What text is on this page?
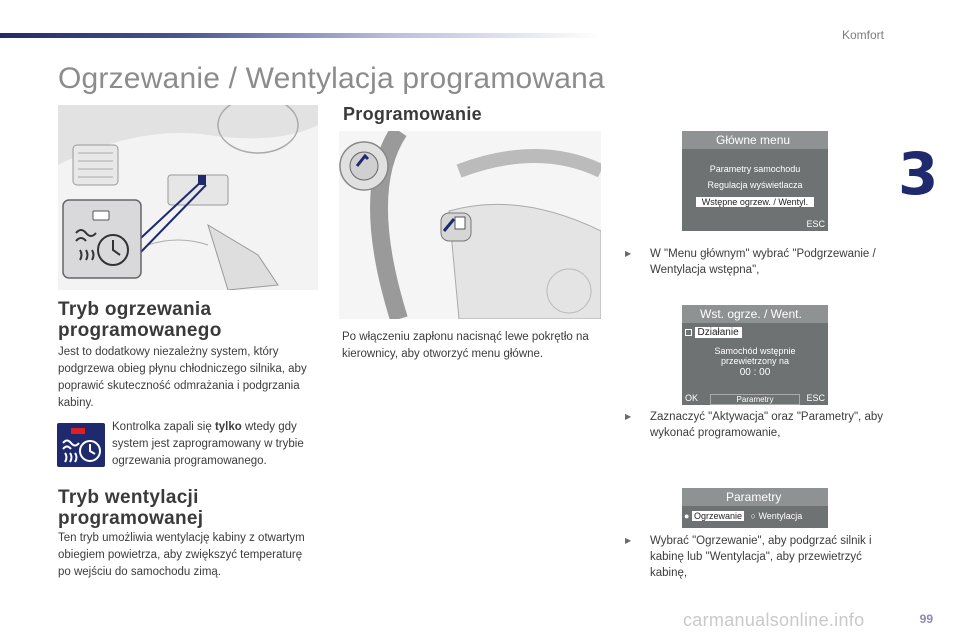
Komfort
3
Ogrzewanie / Wentylacja programowana
Tryb ogrzewania programowanego

Jest to dodatkowy niezależny system, który podgrzewa obieg płynu chłodniczego silnika, aby poprawić skuteczność odmrażania i podgrzania kabiny.

Kontrolka zapali się tylko wtedy gdy system jest zaprogramowany w trybie ogrzewania programowanego.

Tryb wentylacji programowanej

Ten tryb umożliwia wentylację kabiny z otwartym obiegiem powietrza, aby zwiększyć temperaturę po wejściu do samochodu zimą.

Programowanie

Po włączeniu zapłonu nacisnąć lewe pokrętło na kierownicy, aby otworzyć menu główne.

Główne menu
Parametry samochodu
Regulacja wyświetlacza
Wstępne ogrzew. / Wentyl.
ESC
▶	W "Menu głównym" wybrać "Podgrzewanie / Wentylacja wstępna",
Wst. ogrze. / Went.
Działanie
Samochód wstępnie
przewietrzony na
00 : 00
OK	Parametry	ESC
▶	Zaznaczyć "Aktywacja" oraz "Parametry", aby wykonać programowanie,
Parametry
● Ogrzewanie ○ Wentylacja
▶	Wybrać "Ogrzewanie", aby podgrzać silnik i kabinę lub "Wentylacja", aby przewietrzyć kabinę,
carmanualsonline.info	99
